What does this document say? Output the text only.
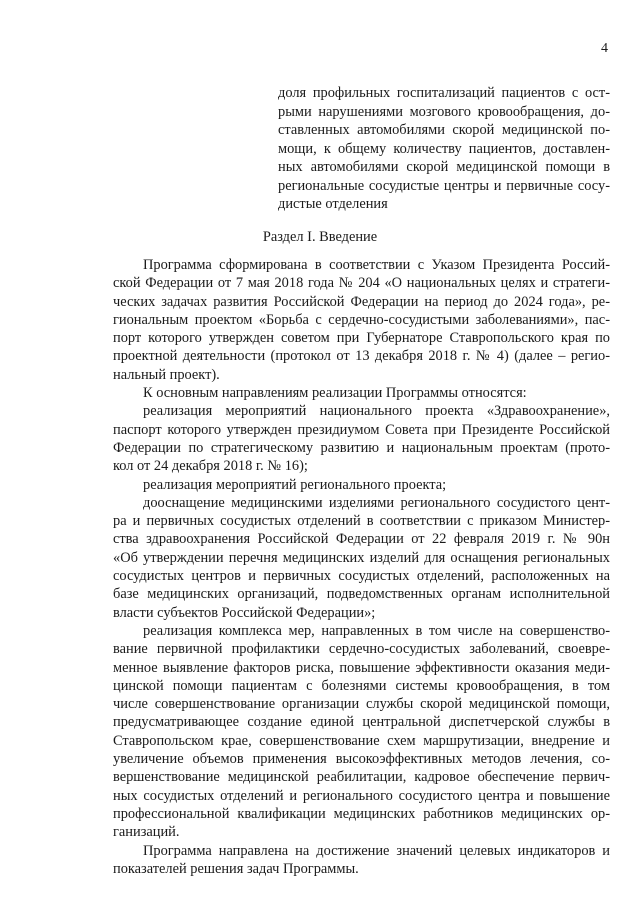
4
доля профильных госпитализаций пациентов с ост-
рыми нарушениями мозгового кровообращения, до-
ставленных автомобилями скорой медицинской по-
мощи, к общему количеству пациентов, доставлен-
ных автомобилями скорой медицинской помощи в
региональные сосудистые центры и первичные сосу-
дистые отделения
Раздел I. Введение
Программа сформирована в соответствии с Указом Президента Россий-
ской Федерации от 7 мая 2018 года № 204 «О национальных целях и стратеги-
ческих задачах развития Российской Федерации на период до 2024 года», ре-
гиональным проектом «Борьба с сердечно-сосудистыми заболеваниями», пас-
порт которого утвержден советом при Губернаторе Ставропольского края по
проектной деятельности (протокол от 13 декабря 2018 г. № 4) (далее – регио-
нальный проект).
К основным направлениям реализации Программы относятся:
реализация мероприятий национального проекта «Здравоохранение»,
паспорт которого утвержден президиумом Совета при Президенте Российской
Федерации по стратегическому развитию и национальным проектам (прото-
кол от 24 декабря 2018 г. № 16);
реализация мероприятий регионального проекта;
дооснащение медицинскими изделиями регионального сосудистого цент-
ра и первичных сосудистых отделений в соответствии с приказом Министер-
ства здравоохранения Российской Федерации от 22 февраля 2019 г. № 90н
«Об утверждении перечня медицинских изделий для оснащения региональных
сосудистых центров и первичных сосудистых отделений, расположенных на
базе медицинских организаций, подведомственных органам исполнительной
власти субъектов Российской Федерации»;
реализация комплекса мер, направленных в том числе на совершенство-
вание первичной профилактики сердечно-сосудистых заболеваний, своевре-
менное выявление факторов риска, повышение эффективности оказания меди-
цинской помощи пациентам с болезнями системы кровообращения, в том
числе совершенствование организации службы скорой медицинской помощи,
предусматривающее создание единой центральной диспетчерской службы в
Ставропольском крае, совершенствование схем маршрутизации, внедрение и
увеличение объемов применения высокоэффективных методов лечения, со-
вершенствование медицинской реабилитации, кадровое обеспечение первич-
ных сосудистых отделений и регионального сосудистого центра и повышение
профессиональной квалификации медицинских работников медицинских ор-
ганизаций.
Программа направлена на достижение значений целевых индикаторов и
показателей решения задач Программы.
